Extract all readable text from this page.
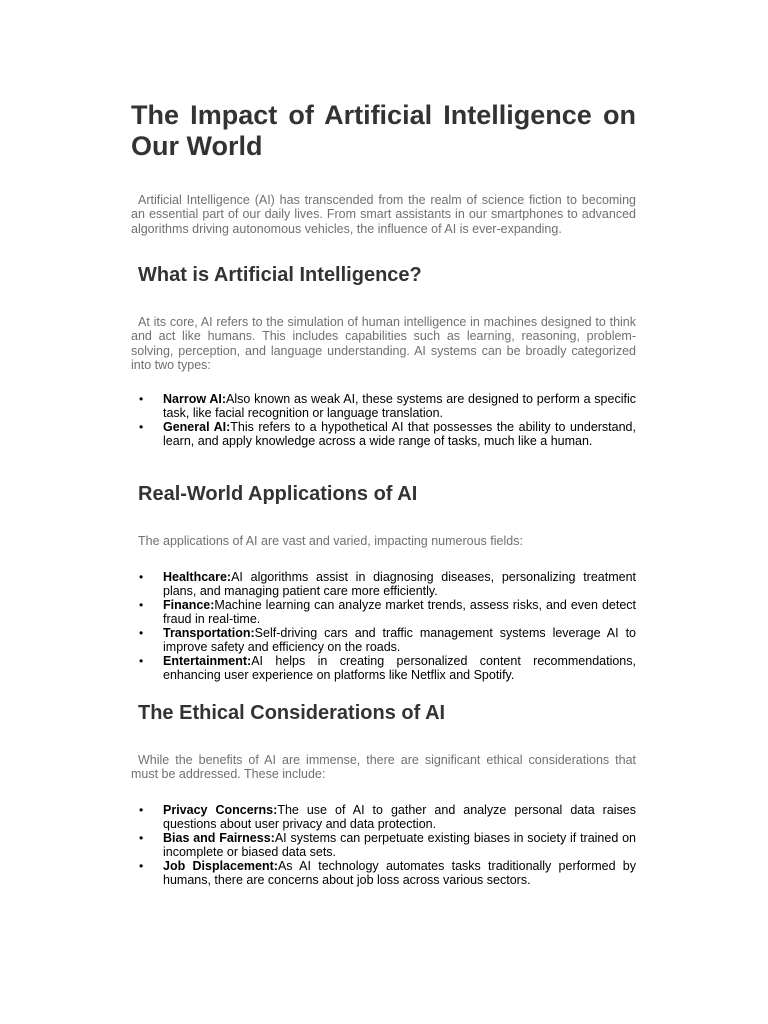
The Impact of Artificial Intelligence on Our World

Artificial Intelligence (AI) has transcended from the realm of science fiction to becoming an essential part of our daily lives. From smart assistants in our smartphones to advanced algorithms driving autonomous vehicles, the influence of AI is ever-expanding.

What is Artificial Intelligence?

At its core, AI refers to the simulation of human intelligence in machines designed to think and act like humans. This includes capabilities such as learning, reasoning, problem-solving, perception, and language understanding. AI systems can be broadly categorized into two types:

• Narrow AI:Also known as weak AI, these systems are designed to perform a specific task, like facial recognition or language translation.
• General AI:This refers to a hypothetical AI that possesses the ability to understand, learn, and apply knowledge across a wide range of tasks, much like a human.
Real-World Applications of AI

The applications of AI are vast and varied, impacting numerous fields:

• Healthcare:AI algorithms assist in diagnosing diseases, personalizing treatment plans, and managing patient care more efficiently.
• Finance:Machine learning can analyze market trends, assess risks, and even detect fraud in real-time.
• Transportation:Self-driving cars and traffic management systems leverage AI to improve safety and efficiency on the roads.
• Entertainment:AI helps in creating personalized content recommendations, enhancing user experience on platforms like Netflix and Spotify.
The Ethical Considerations of AI

While the benefits of AI are immense, there are significant ethical considerations that must be addressed. These include:

• Privacy Concerns:The use of AI to gather and analyze personal data raises questions about user privacy and data protection.
• Bias and Fairness:AI systems can perpetuate existing biases in society if trained on incomplete or biased data sets.
• Job Displacement:As AI technology automates tasks traditionally performed by humans, there are concerns about job loss across various sectors.
